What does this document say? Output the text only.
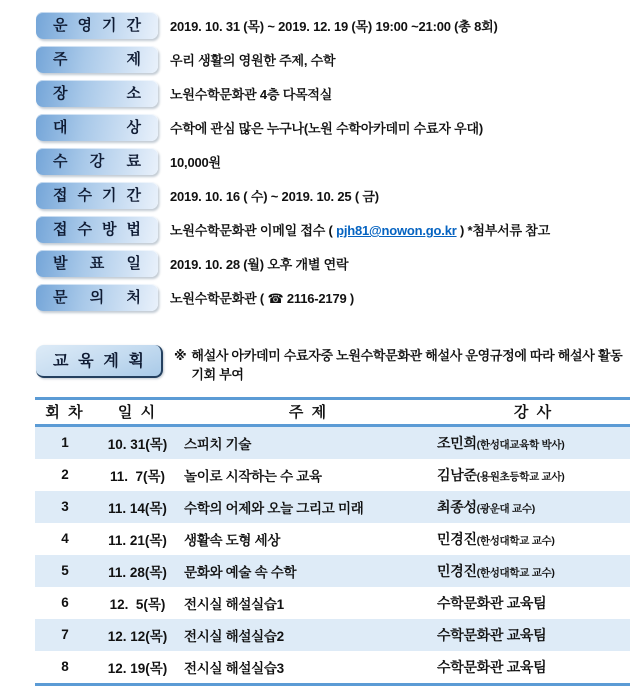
운 영 기 간	2019. 10. 31 (목) ~ 2019. 12. 19 (목) 19:00 ~21:00 (총 8회)
주 제	우리 생활의 영원한 주제, 수학
장 소	노원수학문화관 4층 다목적실
대 상	수학에 관심 많은 누구나(노원 수학아카데미 수료자 우대)
수 강 료	10,000원
접 수 기 간	2019. 10. 16 ( 수) ~ 2019. 10. 25 ( 금)
접 수 방 법	노원수학문화관 이메일 접수 ( pjh81@nowon.go.kr ) *첨부서류 참고
발 표 일	2019. 10. 28 (월) 오후 개별 연락
문 의 처	노원수학문화관 ( ☎ 2116-2179 )
교 육 계 획	※ 해설사 아카데미 수료자중 노원수학문화관 해설사 운영규정에 따라 해설사 활동 기회 부여
회 차	일 시	주 제	강 사
1	10. 31(목)	스피치 기술	조민희(한성대교육학 박사)
2	11.  7(목)	놀이로 시작하는 수 교육	김남준(용원초등학교 교사)
3	11. 14(목)	수학의 어제와 오늘 그리고 미래	최종성(광운대 교수)
4	11. 21(목)	생활속 도형 세상	민경진(한성대학교 교수)
5	11. 28(목)	문화와 예술 속 수학	민경진(한성대학교 교수)
6	12.  5(목)	전시실 해설실습1	수학문화관 교육팀
7	12. 12(목)	전시실 해설실습2	수학문화관 교육팀
8	12. 19(목)	전시실 해설실습3	수학문화관 교육팀
